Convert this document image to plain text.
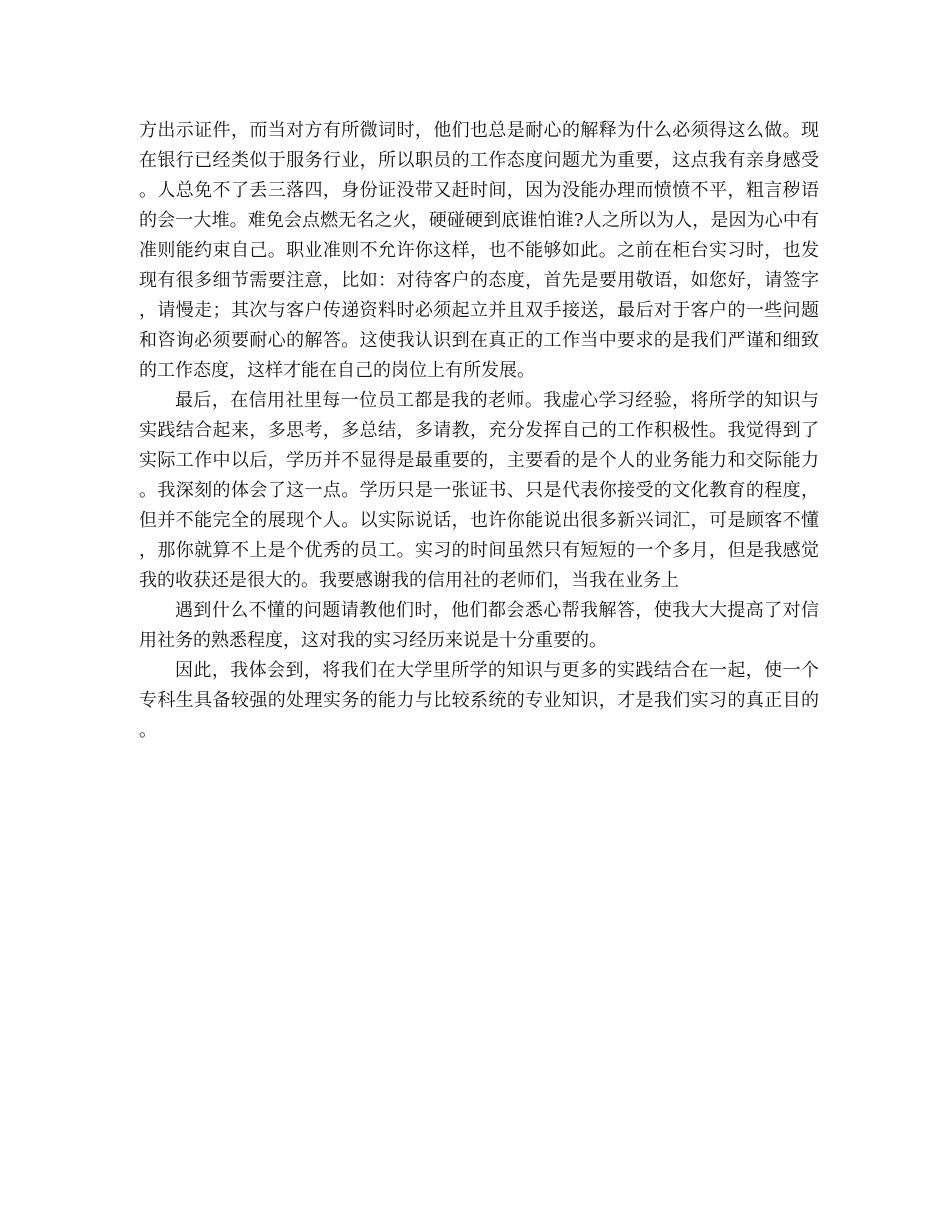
方出示证件，而当对方有所微词时，他们也总是耐心的解释为什么必须得这么做。现在银行已经类似于服务行业，所以职员的工作态度问题尤为重要，这点我有亲身感受。人总免不了丢三落四，身份证没带又赶时间，因为没能办理而愤愤不平，粗言秽语的会一大堆。难免会点燃无名之火，硬碰硬到底谁怕谁?人之所以为人，是因为心中有准则能约束自己。职业准则不允许你这样，也不能够如此。之前在柜台实习时，也发现有很多细节需要注意，比如：对待客户的态度，首先是要用敬语，如您好，请签字，请慢走；其次与客户传递资料时必须起立并且双手接送，最后对于客户的一些问题和咨询必须要耐心的解答。这使我认识到在真正的工作当中要求的是我们严谨和细致的工作态度，这样才能在自己的岗位上有所发展。

最后，在信用社里每一位员工都是我的老师。我虚心学习经验，将所学的知识与实践结合起来，多思考，多总结，多请教，充分发挥自己的工作积极性。我觉得到了实际工作中以后，学历并不显得是最重要的，主要看的是个人的业务能力和交际能力。我深刻的体会了这一点。学历只是一张证书、只是代表你接受的文化教育的程度，但并不能完全的展现个人。以实际说话，也许你能说出很多新兴词汇，可是顾客不懂，那你就算不上是个优秀的员工。实习的时间虽然只有短短的一个多月，但是我感觉我的收获还是很大的。我要感谢我的信用社的老师们，当我在业务上

遇到什么不懂的问题请教他们时，他们都会悉心帮我解答，使我大大提高了对信用社务的熟悉程度，这对我的实习经历来说是十分重要的。

因此，我体会到，将我们在大学里所学的知识与更多的实践结合在一起，使一个专科生具备较强的处理实务的能力与比较系统的专业知识，才是我们实习的真正目的。
